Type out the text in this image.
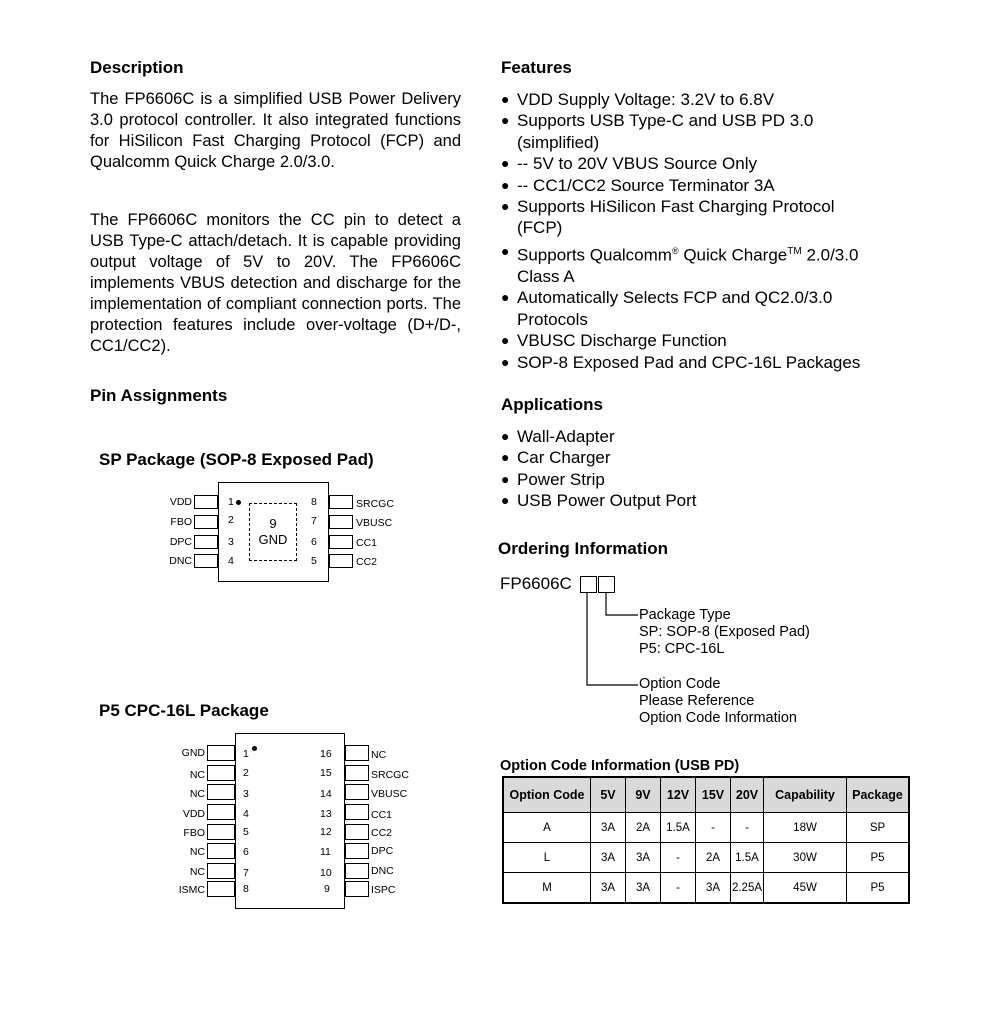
Description

The FP6606C is a simplified USB Power Delivery 3.0 protocol controller. It also integrated functions for HiSilicon Fast Charging Protocol (FCP) and Qualcomm Quick Charge 2.0/3.0.

The FP6606C monitors the CC pin to detect a USB Type-C attach/detach. It is capable providing output voltage of 5V to 20V. The FP6606C implements VBUS detection and discharge for the implementation of compliant connection ports. The protection features include over-voltage (D+/D-, CC1/CC2).

Pin Assignments
SP Package (SOP-8 Exposed Pad)
9
GND
VDD	1
FBO	2
DPC	3
DNC	4
8	SRCGC
7	VBUSC
6	CC1
5	CC2
P5 CPC-16L Package
GND	1
NC	2
NC	3
VDD	4
FBO	5
NC	6
NC	7
ISMC	8
16	NC
15	SRCGC
14	VBUSC
13	CC1
12	CC2
11	DPC
10	DNC
9	ISPC
Features
● VDD Supply Voltage: 3.2V to 6.8V
● Supports USB Type-C and USB PD 3.0
(simplified)
● -- 5V to 20V VBUS Source Only
● -- CC1/CC2 Source Terminator 3A
● Supports HiSilicon Fast Charging Protocol
(FCP)
● Supports Qualcomm® Quick Charge™ 2.0/3.0
Class A
● Automatically Selects FCP and QC2.0/3.0
Protocols
● VBUSC Discharge Function
● SOP-8 Exposed Pad and CPC-16L Packages
Applications
● Wall-Adapter
● Car Charger
● Power Strip
● USB Power Output Port
Ordering Information
FP6606C
Package Type
SP: SOP-8 (Exposed Pad)
P5: CPC-16L
Option Code
Please Reference
Option Code Information
Option Code Information (USB PD)
Option Code	5V	9V	12V	15V	20V	Capability	Package
A	3A	2A	1.5A	-	-	18W	SP
L	3A	3A	-	2A	1.5A	30W	P5
M	3A	3A	-	3A	2.25A	45W	P5
